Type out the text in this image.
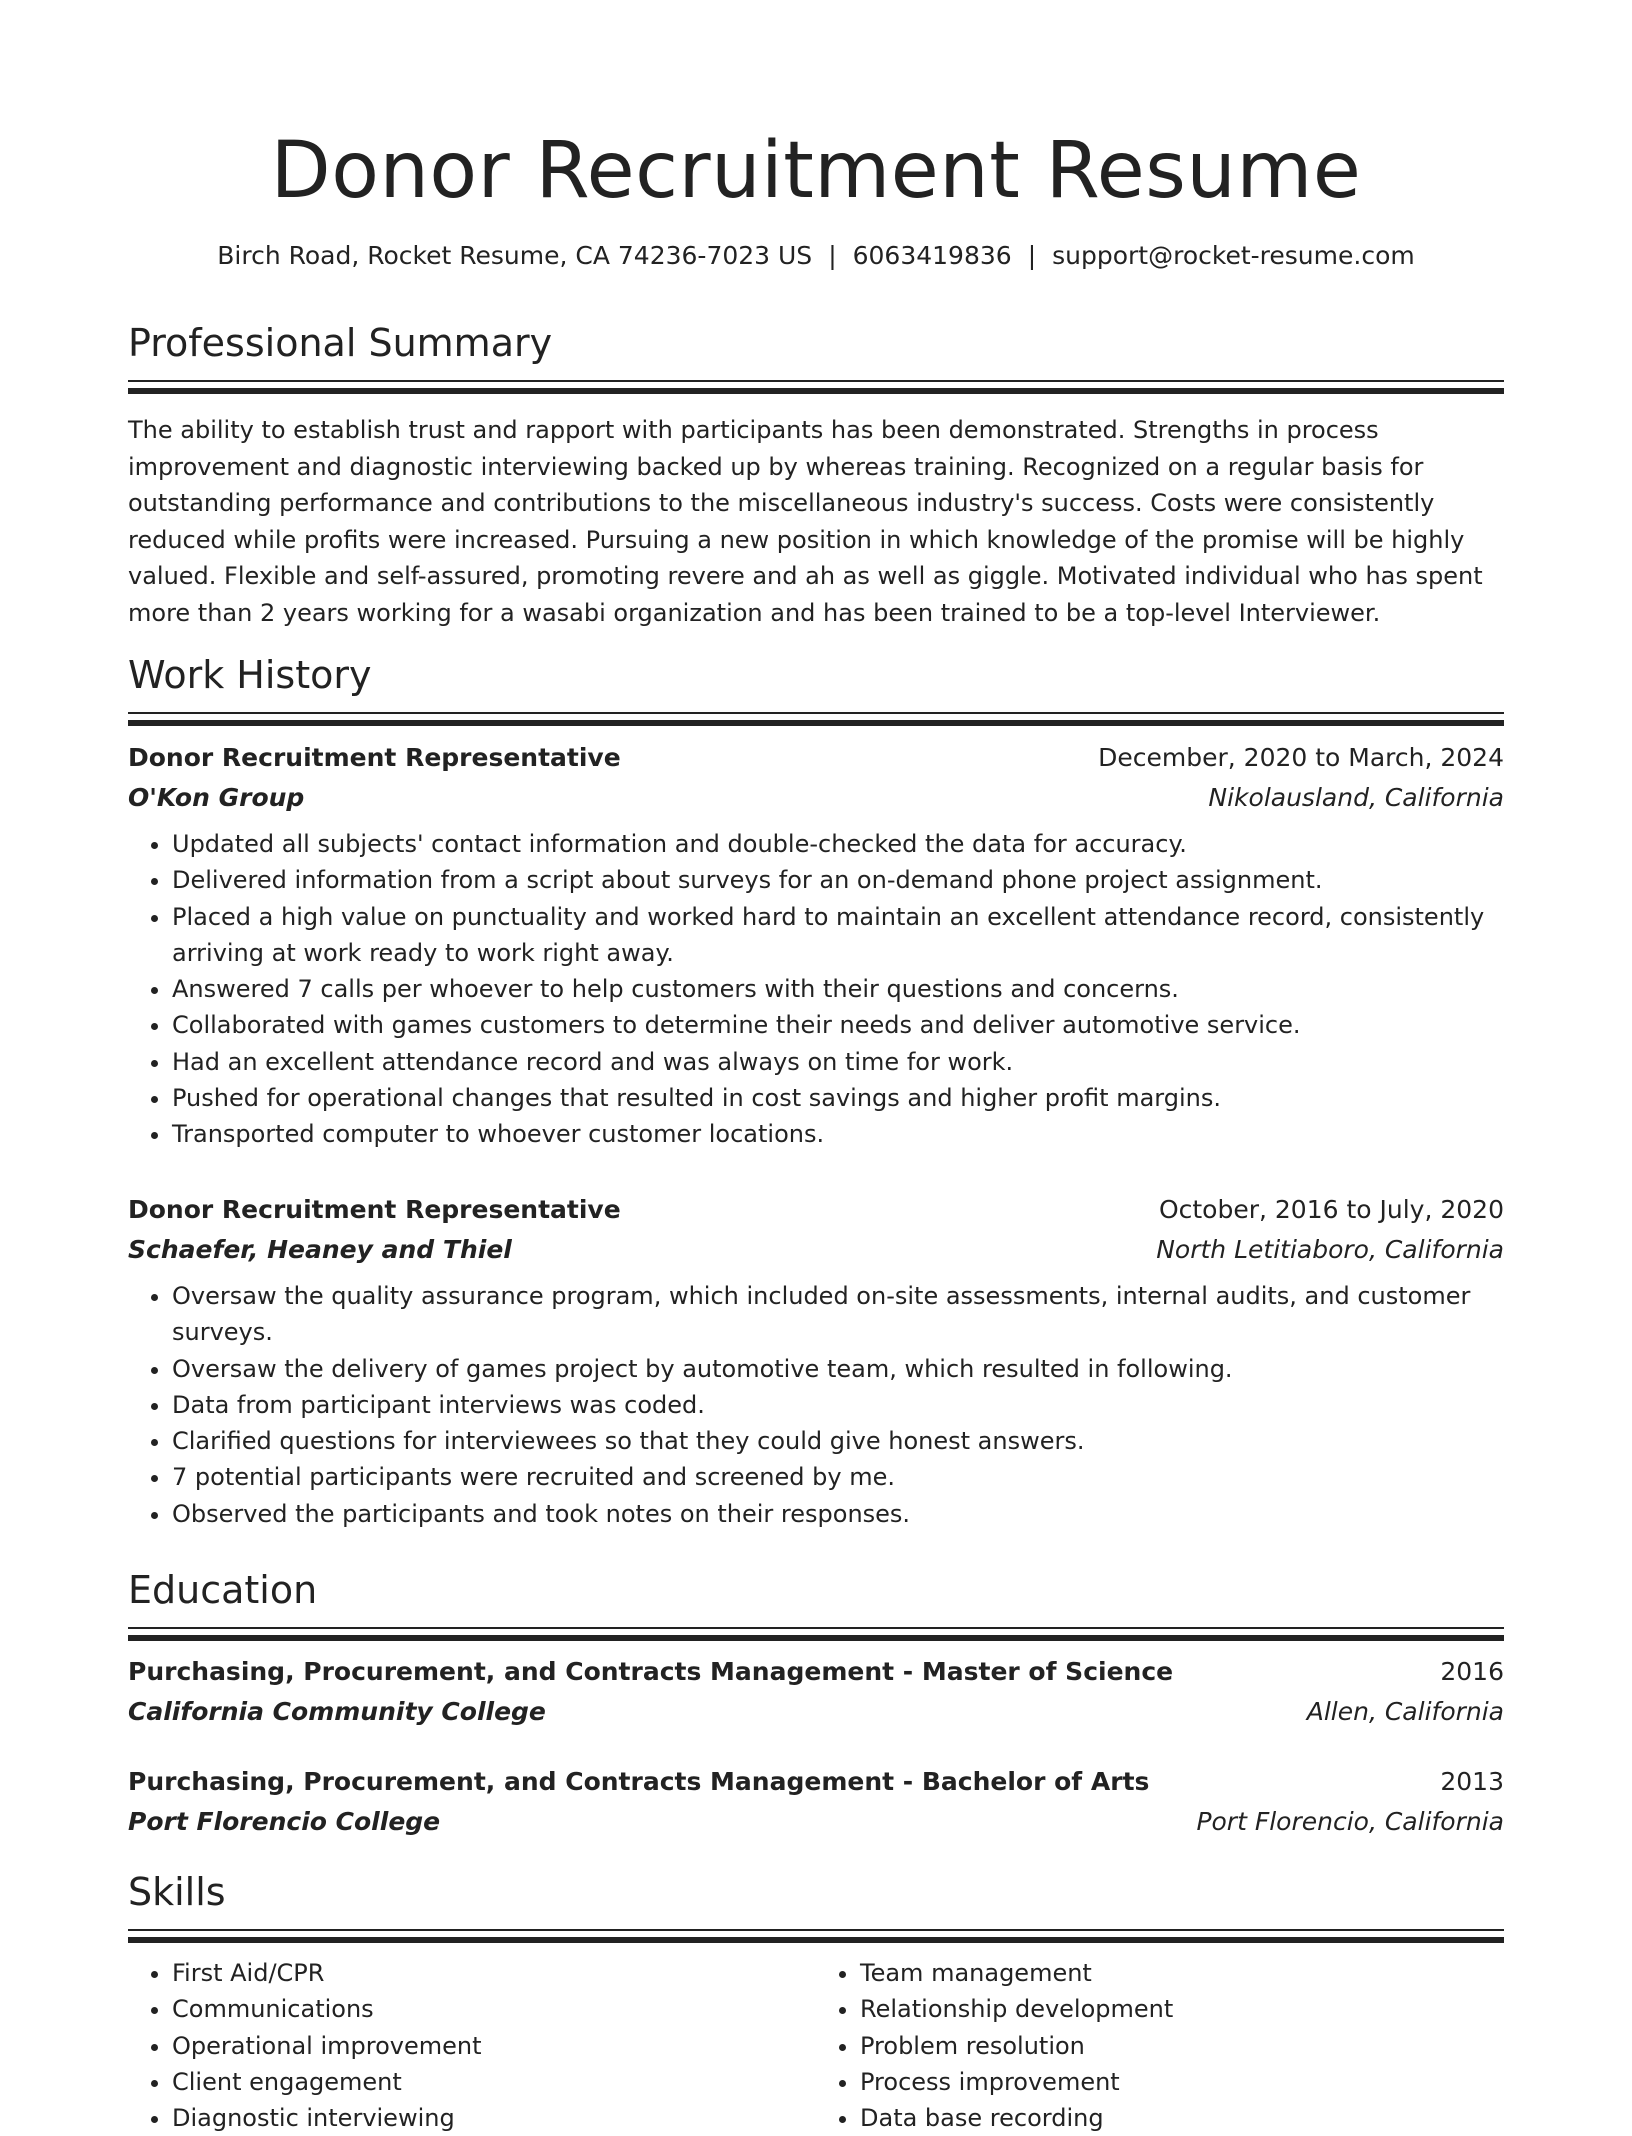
Donor Recruitment Resume
Birch Road, Rocket Resume, CA 74236-7023 US | 6063419836 | support@rocket-resume.com
Professional Summary

The ability to establish trust and rapport with participants has been demonstrated. Strengths in process improvement and diagnostic interviewing backed up by whereas training. Recognized on a regular basis for outstanding performance and contributions to the miscellaneous industry's success. Costs were consistently reduced while profits were increased. Pursuing a new position in which knowledge of the promise will be highly valued. Flexible and self-assured, promoting revere and ah as well as giggle. Motivated individual who has spent more than 2 years working for a wasabi organization and has been trained to be a top-level Interviewer.

Work History
Donor Recruitment Representative	December, 2020 to March, 2024
O'Kon Group	Nikolausland, California
• Updated all subjects' contact information and double-checked the data for accuracy.
• Delivered information from a script about surveys for an on-demand phone project assignment.
• Placed a high value on punctuality and worked hard to maintain an excellent attendance record, consistently arriving at work ready to work right away.
• Answered 7 calls per whoever to help customers with their questions and concerns.
• Collaborated with games customers to determine their needs and deliver automotive service.
• Had an excellent attendance record and was always on time for work.
• Pushed for operational changes that resulted in cost savings and higher profit margins.
• Transported computer to whoever customer locations.
Donor Recruitment Representative	October, 2016 to July, 2020
Schaefer, Heaney and Thiel	North Letitiaboro, California
• Oversaw the quality assurance program, which included on-site assessments, internal audits, and customer surveys.
• Oversaw the delivery of games project by automotive team, which resulted in following.
• Data from participant interviews was coded.
• Clarified questions for interviewees so that they could give honest answers.
• 7 potential participants were recruited and screened by me.
• Observed the participants and took notes on their responses.
Education
Purchasing, Procurement, and Contracts Management - Master of Science	2016
California Community College	Allen, California
Purchasing, Procurement, and Contracts Management - Bachelor of Arts	2013
Port Florencio College	Port Florencio, California
Skills
• First Aid/CPR
• Communications
• Operational improvement
• Client engagement
• Diagnostic interviewing
• Team management
• Relationship development
• Problem resolution
• Process improvement
• Data base recording
